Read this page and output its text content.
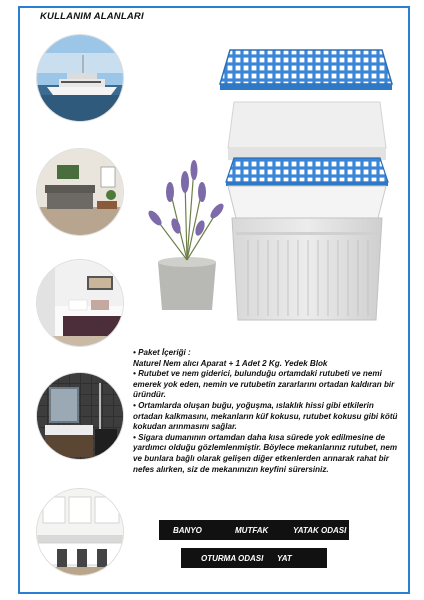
KULLANIM ALANLARI

• Paket İçeriği :

Naturel Nem alıcı Aparat + 1 Adet 2 Kg. Yedek Blok

• Rutubet ve nem giderici, bulunduğu ortamdaki rutubeti ve nemi emerek yok eden, nemin ve rutubetin zararlarını ortadan kaldıran bir üründür.

• Ortamlarda oluşan buğu, yoğuşma, ıslaklık hissi gibi etkilerin ortadan kalkmasını, mekanların küf kokusu, rutubet kokusu gibi kötü kokudan arınmasını sağlar.

• Sigara dumanının ortamdan daha kısa sürede yok edilmesine de yardımcı olduğu gözlemlenmiştir. Böylece mekanlarınız rutubet, nem ve bunlara bağlı olarak gelişen diğer etkenlerden arınarak rahat bir nefes alırken, siz de mekanınızın keyfini sürersiniz.

BANYO	MUTFAK	YATAK ODASI
OTURMA ODASI YAT
